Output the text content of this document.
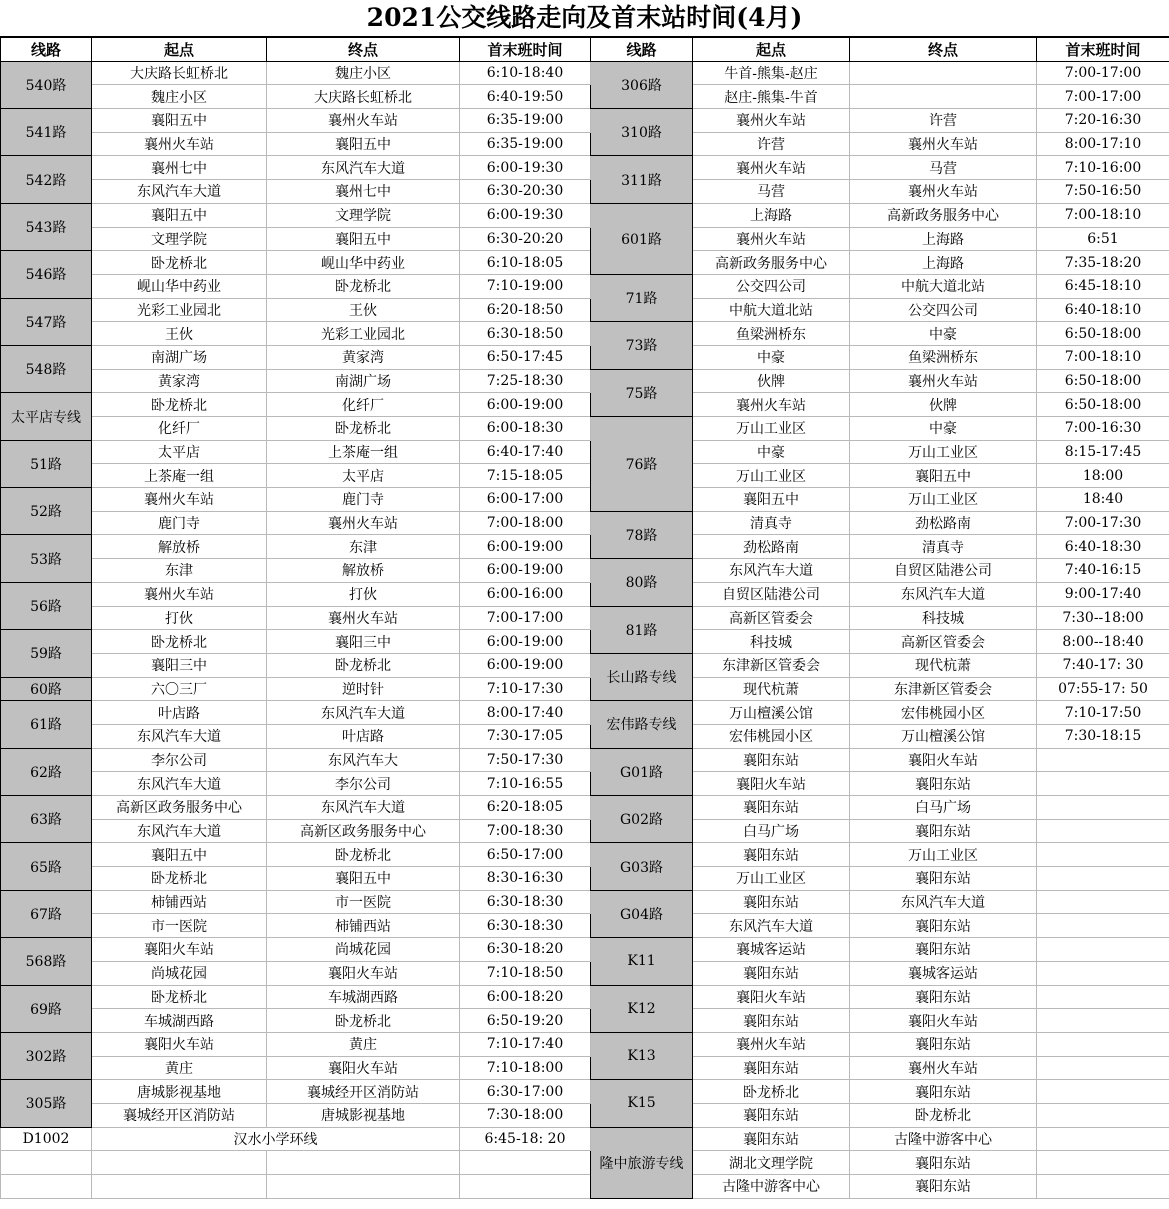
2021公交线路走向及首末站时间(4月)
线路	起点	终点	首末班时间	线路	起点	终点	首末班时间
540路	大庆路长虹桥北	魏庄小区	6:10-18:40	306路	牛首-熊集-赵庄		7:00-17:00
	魏庄小区	大庆路长虹桥北	6:40-19:50		赵庄-熊集-牛首		7:00-17:00
541路	襄阳五中	襄州火车站	6:35-19:00	310路	襄州火车站	许营	7:20-16:30
	襄州火车站	襄阳五中	6:35-19:00		许营	襄州火车站	8:00-17:10
542路	襄州七中	东风汽车大道	6:00-19:30	311路	襄州火车站	马营	7:10-16:00
	东风汽车大道	襄州七中	6:30-20:30		马营	襄州火车站	7:50-16:50
543路	襄阳五中	文理学院	6:00-19:30	601路	上海路	高新政务服务中心	7:00-18:10
	文理学院	襄阳五中	6:30-20:20		襄州火车站	上海路	6:51
546路	卧龙桥北	岘山华中药业	6:10-18:05		高新政务服务中心	上海路	7:35-18:20
	岘山华中药业	卧龙桥北	7:10-19:00	71路	公交四公司	中航大道北站	6:45-18:10
547路	光彩工业园北	王伙	6:20-18:50		中航大道北站	公交四公司	6:40-18:10
	王伙	光彩工业园北	6:30-18:50	73路	鱼梁洲桥东	中豪	6:50-18:00
548路	南湖广场	黄家湾	6:50-17:45		中豪	鱼梁洲桥东	7:00-18:10
	黄家湾	南湖广场	7:25-18:30	75路	伙牌	襄州火车站	6:50-18:00
太平店专线	卧龙桥北	化纤厂	6:00-19:00		襄州火车站	伙牌	6:50-18:00
	化纤厂	卧龙桥北	6:00-18:30	76路	万山工业区	中豪	7:00-16:30
51路	太平店	上茶庵一组	6:40-17:40		中豪	万山工业区	8:15-17:45
	上茶庵一组	太平店	7:15-18:05		万山工业区	襄阳五中	18:00
52路	襄州火车站	鹿门寺	6:00-17:00		襄阳五中	万山工业区	18:40
	鹿门寺	襄州火车站	7:00-18:00	78路	清真寺	劲松路南	7:00-17:30
53路	解放桥	东津	6:00-19:00		劲松路南	清真寺	6:40-18:30
	东津	解放桥	6:00-19:00	80路	东风汽车大道	自贸区陆港公司	7:40-16:15
56路	襄州火车站	打伙	6:00-16:00		自贸区陆港公司	东风汽车大道	9:00-17:40
	打伙	襄州火车站	7:00-17:00	81路	高新区管委会	科技城	7:30--18:00
59路	卧龙桥北	襄阳三中	6:00-19:00		科技城	高新区管委会	8:00--18:40
	襄阳三中	卧龙桥北	6:00-19:00	长山路专线	东津新区管委会	现代杭萧	7:40-17: 30
60路	六〇三厂	逆时针	7:10-17:30		现代杭萧	东津新区管委会	07:55-17: 50
61路	叶店路	东风汽车大道	8:00-17:40	宏伟路专线	万山檀溪公馆	宏伟桃园小区	7:10-17:50
	东风汽车大道	叶店路	7:30-17:05		宏伟桃园小区	万山檀溪公馆	7:30-18:15
62路	李尔公司	东风汽车大	7:50-17:30	G01路	襄阳东站	襄阳火车站	
	东风汽车大道	李尔公司	7:10-16:55		襄阳火车站	襄阳东站	
63路	高新区政务服务中心	东风汽车大道	6:20-18:05	G02路	襄阳东站	白马广场	
	东风汽车大道	高新区政务服务中心	7:00-18:30		白马广场	襄阳东站	
65路	襄阳五中	卧龙桥北	6:50-17:00	G03路	襄阳东站	万山工业区	
	卧龙桥北	襄阳五中	8:30-16:30		万山工业区	襄阳东站	
67路	柿铺西站	市一医院	6:30-18:30	G04路	襄阳东站	东风汽车大道	
	市一医院	柿铺西站	6:30-18:30		东风汽车大道	襄阳东站	
568路	襄阳火车站	尚城花园	6:30-18:20	K11	襄城客运站	襄阳东站	
	尚城花园	襄阳火车站	7:10-18:50		襄阳东站	襄城客运站	
69路	卧龙桥北	车城湖西路	6:00-18:20	K12	襄阳火车站	襄阳东站	
	车城湖西路	卧龙桥北	6:50-19:20		襄阳东站	襄阳火车站	
302路	襄阳火车站	黄庄	7:10-17:40	K13	襄州火车站	襄阳东站	
	黄庄	襄阳火车站	7:10-18:00		襄阳东站	襄州火车站	
305路	唐城影视基地	襄城经开区消防站	6:30-17:00	K15	卧龙桥北	襄阳东站	
	襄城经开区消防站	唐城影视基地	7:30-18:00		襄阳东站	卧龙桥北	
D1002	汉水小学环线		6:45-18: 20	隆中旅游专线	襄阳东站	古隆中游客中心	
					湖北文理学院	襄阳东站	
					古隆中游客中心	襄阳东站	
